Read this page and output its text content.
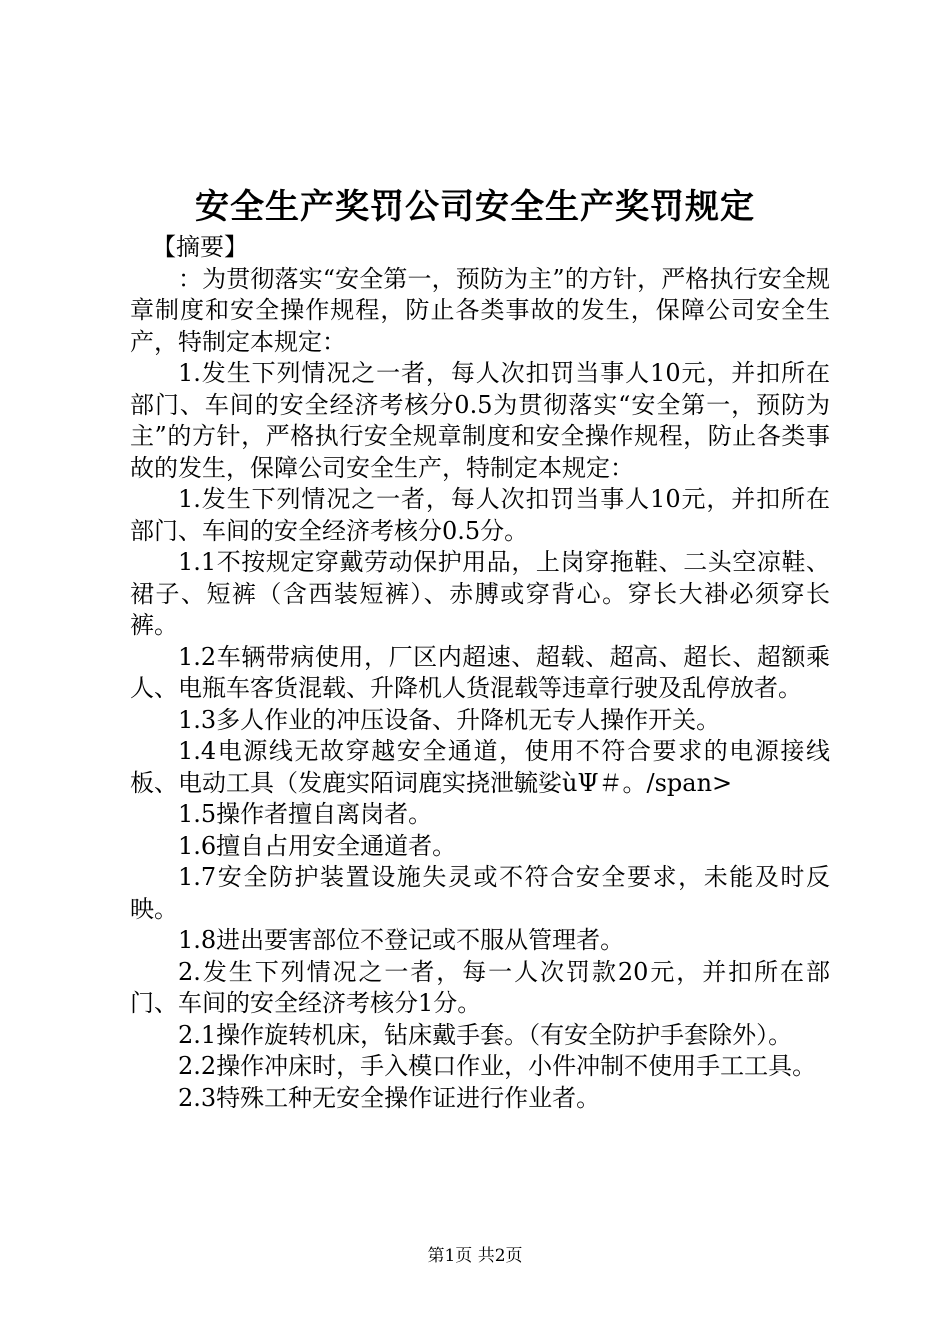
安全生产奖罚公司安全生产奖罚规定

【摘要】

：为贯彻落实“安全第一，预防为主”的方针，严格执行安全规章制度和安全操作规程，防止各类事故的发生，保障公司安全生产，特制定本规定：

1.发生下列情况之一者，每人次扣罚当事人10元，并扣所在部门、车间的安全经济考核分0.5为贯彻落实“安全第一，预防为主”的方针，严格执行安全规章制度和安全操作规程，防止各类事故的发生，保障公司安全生产，特制定本规定：

1.发生下列情况之一者，每人次扣罚当事人10元，并扣所在部门、车间的安全经济考核分0.5分。

1.1不按规定穿戴劳动保护用品，上岗穿拖鞋、二头空凉鞋、裙子、短裤（含西装短裤）、赤膊或穿背心。穿长大褂必须穿长裤。

1.2车辆带病使用，厂区内超速、超载、超高、超长、超额乘人、电瓶车客货混载、升降机人货混载等违章行驶及乱停放者。

1.3多人作业的冲压设备、升降机无专人操作开关。

1.4电源线无故穿越安全通道，使用不符合要求的电源接线板、电动工具（发鹿实陌词鹿实挠泄毓娑ùΨ＃。/span>

1.5操作者擅自离岗者。

1.6擅自占用安全通道者。

1.7安全防护装置设施失灵或不符合安全要求，未能及时反映。

1.8进出要害部位不登记或不服从管理者。

2.发生下列情况之一者，每一人次罚款20元，并扣所在部门、车间的安全经济考核分1分。

2.1操作旋转机床，钻床戴手套。（有安全防护手套除外）。

2.2操作冲床时，手入模口作业，小件冲制不使用手工工具。

2.3特殊工种无安全操作证进行作业者。

第1页 共2页
